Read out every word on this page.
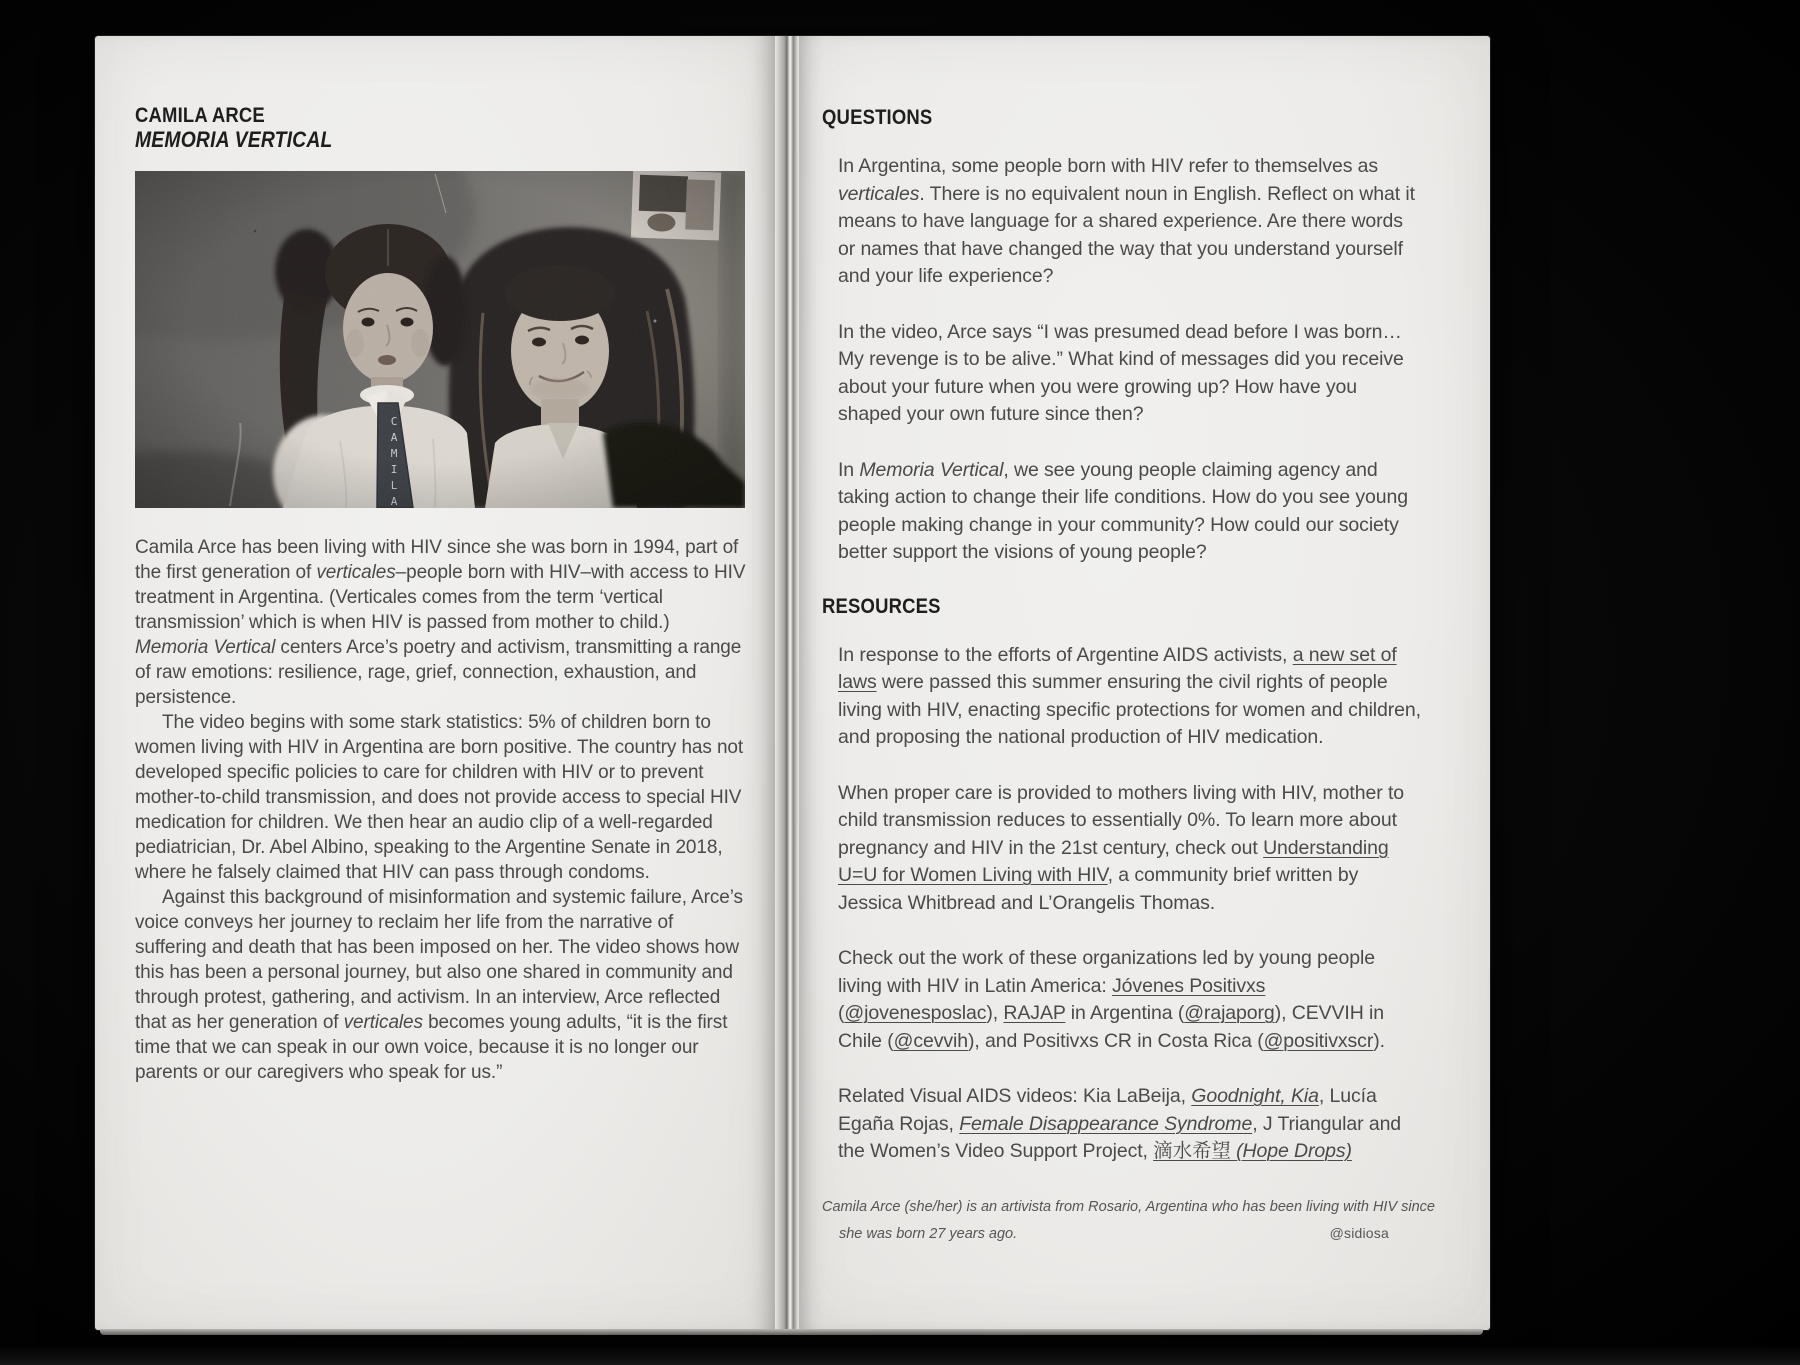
CAMILA ARCE
MEMORIA VERTICAL

Camila Arce has been living with HIV since she was born in 1994, part of the first generation of verticales–people born with HIV–with access to HIV treatment in Argentina. (Verticales comes from the term ‘vertical transmission’ which is when HIV is passed from mother to child.) Memoria Vertical centers Arce’s poetry and activism, transmitting a range of raw emotions: resilience, rage, grief, connection, exhaustion, and persistence.

The video begins with some stark statistics: 5% of children born to women living with HIV in Argentina are born positive. The country has not developed specific policies to care for children with HIV or to prevent mother-to-child transmission, and does not provide access to special HIV medication for children. We then hear an audio clip of a well-regarded pediatrician, Dr. Abel Albino, speaking to the Argentine Senate in 2018, where he falsely claimed that HIV can pass through condoms.

Against this background of misinformation and systemic failure, Arce’s voice conveys her journey to reclaim her life from the narrative of suffering and death that has been imposed on her. The video shows how this has been a personal journey, but also one shared in community and through protest, gathering, and activism. In an interview, Arce reflected that as her generation of verticales becomes young adults, “it is the first time that we can speak in our own voice, because it is no longer our parents or our caregivers who speak for us.”

QUESTIONS

In Argentina, some people born with HIV refer to themselves as verticales. There is no equivalent noun in English. Reflect on what it means to have language for a shared experience. Are there words or names that have changed the way that you understand yourself and your life experience?

In the video, Arce says “I was presumed dead before I was born… My revenge is to be alive.” What kind of messages did you receive about your future when you were growing up? How have you shaped your own future since then?

In Memoria Vertical, we see young people claiming agency and taking action to change their life conditions. How do you see young people making change in your community? How could our society better support the visions of young people?

RESOURCES

In response to the efforts of Argentine AIDS activists, a new set of laws were passed this summer ensuring the civil rights of people living with HIV, enacting specific protections for women and children, and proposing the national production of HIV medication.

When proper care is provided to mothers living with HIV, mother to child transmission reduces to essentially 0%. To learn more about pregnancy and HIV in the 21st century, check out Understanding U=U for Women Living with HIV, a community brief written by Jessica Whitbread and L’Orangelis Thomas.

Check out the work of these organizations led by young people living with HIV in Latin America: Jóvenes Positivxs (@jovenesposlac), RAJAP in Argentina (@rajaporg), CEVVIH in Chile (@cevvih), and Positivxs CR in Costa Rica (@positivxscr).

Related Visual AIDS videos: Kia LaBeija, Goodnight, Kia, Lucía Egaña Rojas, Female Disappearance Syndrome, J Triangular and the Women’s Video Support Project, 滴水希望 (Hope Drops)

Camila Arce (she/her) is an artivista from Rosario, Argentina who has been living with HIV since
she was born 27 years ago.	@sidiosa
